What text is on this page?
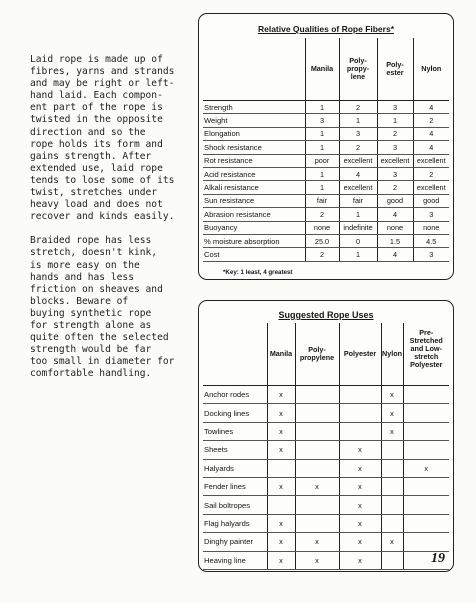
Laid rope is made up of
fibres, yarns and strands
and may be right or left-
hand laid. Each compon-
ent part of the rope is
twisted in the opposite
direction and so the
rope holds its form and
gains strength. After
extended use, laid rope
tends to lose some of its
twist, stretches under
heavy load and does not
recover and kinds easily.

Braided rope has less
stretch, doesn't kink,
is more easy on the
hands and has less
friction on sheaves and
blocks. Beware of
buying synthetic rope
for strength alone as
quite often the selected
strength would be far
too small in diameter for
comfortable handling.

Relative Qualities of Rope Fibers*
	Manila	Poly-
propy-
lene	Poly-
ester	Nylon
Strength	1	2	3	4
Weight	3	1	1	2
Elongation	1	3	2	4
Shock resistance	1	2	3	4
Rot resistance	poor	excellent	excellent	excellent
Acid resistance	1	4	3	2
Alkali resistance	1	excellent	2	excellent
Sun resistance	fair	fair	good	good
Abrasion resistance	2	1	4	3
Buoyancy	none	indefinite	none	none
% moisture absorption	25.0	0	1.5	4.5
Cost	2	1	4	3
*Key: 1 least, 4 greatest
Suggested Rope Uses
	Manila	Poly-
propylene	Polyester	Nylon	Pre-
Stretched
and Low-
stretch
Polyester
Anchor rodes	x			x	
Docking lines	x			x	
Towlines	x			x	
Sheets	x		x		
Halyards			x		x
Fender lines	x	x	x		
Sail boltropes			x		
Flag halyards	x		x		
Dinghy painter	x	x	x	x	
Heaving line	x	x	x			19
